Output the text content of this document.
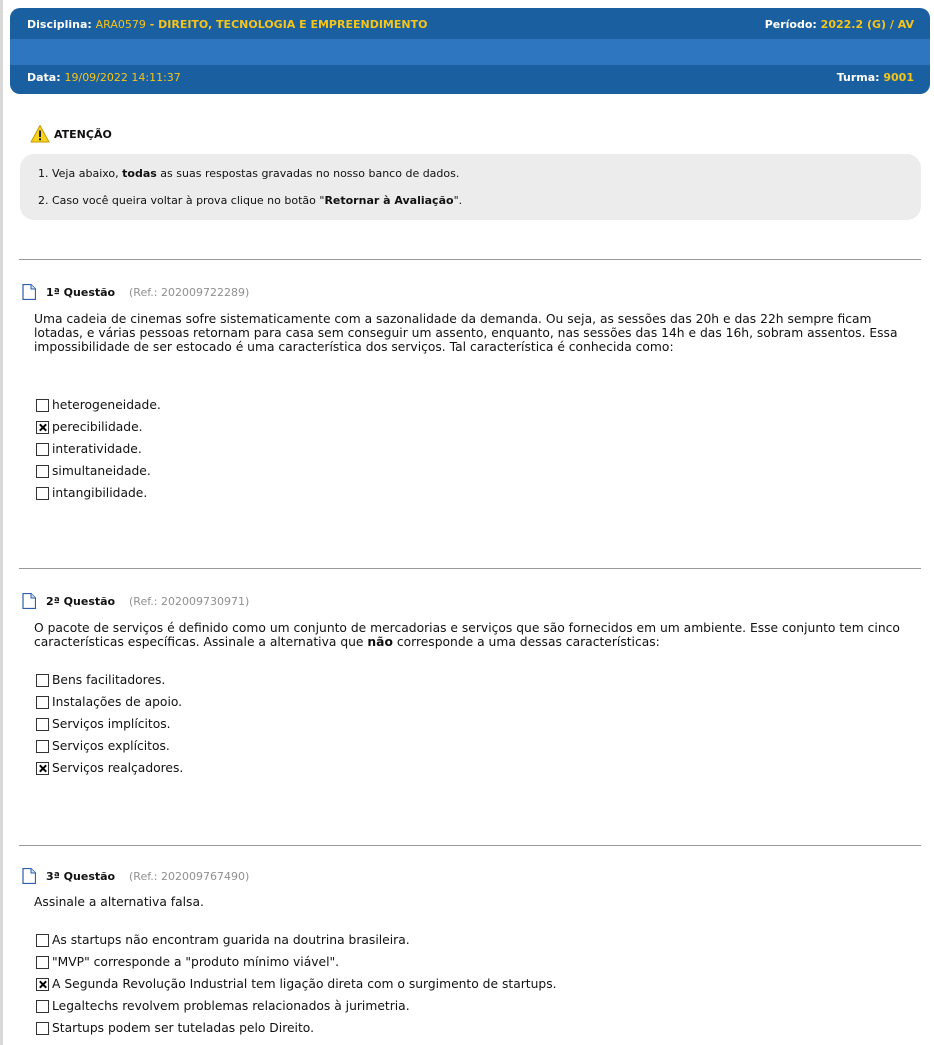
Disciplina: ARA0579 - DIREITO, TECNOLOGIA E EMPREENDIMENTO	Período: 2022.2 (G) / AV
Data: 19/09/2022 14:11:37	Turma: 9001
ATENÇÃO

1. Veja abaixo, todas as suas respostas gravadas no nosso banco de dados.

2. Caso você queira voltar à prova clique no botão "Retornar à Avaliação".

1ª Questão (Ref.: 202009722289)

Uma cadeia de cinemas sofre sistematicamente com a sazonalidade da demanda. Ou seja, as sessões das 20h e das 22h sempre ficam lotadas, e várias pessoas retornam para casa sem conseguir um assento, enquanto, nas sessões das 14h e das 16h, sobram assentos. Essa impossibilidade de ser estocado é uma característica dos serviços. Tal característica é conhecida como:

heterogeneidade.
perecibilidade.
interatividade.
simultaneidade.
intangibilidade.
2ª Questão (Ref.: 202009730971)

O pacote de serviços é definido como um conjunto de mercadorias e serviços que são fornecidos em um ambiente. Esse conjunto tem cinco características específicas. Assinale a alternativa que não corresponde a uma dessas características:

Bens facilitadores.
Instalações de apoio.
Serviços implícitos.
Serviços explícitos.
Serviços realçadores.
3ª Questão (Ref.: 202009767490)

Assinale a alternativa falsa.

As startups não encontram guarida na doutrina brasileira.
"MVP" corresponde a "produto mínimo viável".
A Segunda Revolução Industrial tem ligação direta com o surgimento de startups.
Legaltechs revolvem problemas relacionados à jurimetria.
Startups podem ser tuteladas pelo Direito.
